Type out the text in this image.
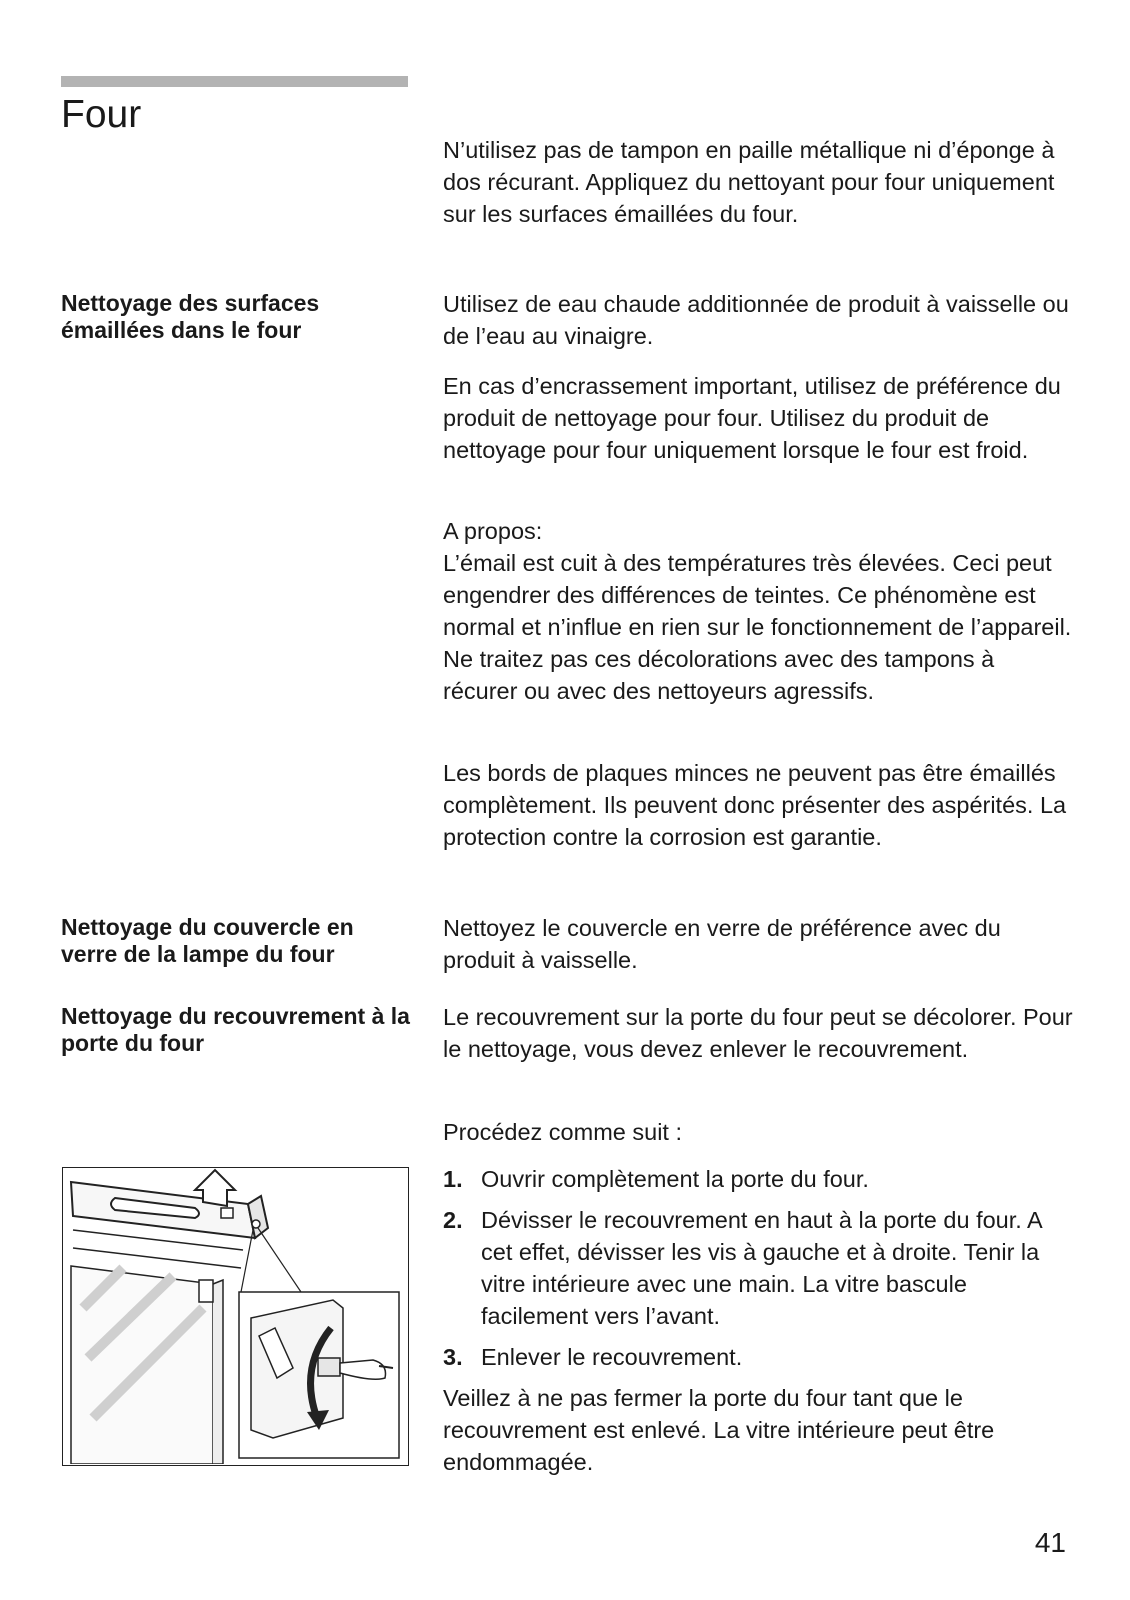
Four

N’utilisez pas de tampon en paille métallique ni d’éponge à dos récurant. Appliquez du nettoyant pour four uniquement sur les surfaces émaillées du four.

Nettoyage des surfaces émaillées dans le four

Utilisez de eau chaude additionnée de produit à vaisselle ou de l’eau au vinaigre.

En cas d’encrassement important, utilisez de préférence du produit de nettoyage pour four. Utilisez du produit de nettoyage pour four uniquement lorsque le four est froid.

A propos:

L’émail est cuit à des températures très élevées. Ceci peut engendrer des différences de teintes. Ce phénomène est normal et n’influe en rien sur le fonctionnement de l’appareil. Ne traitez pas ces décolorations avec des tampons à récurer ou avec des nettoyeurs agressifs.

Les bords de plaques minces ne peuvent pas être émaillés complètement. Ils peuvent donc présenter des aspérités. La protection contre la corrosion est garantie.

Nettoyage du couvercle en verre de la lampe du four

Nettoyez le couvercle en verre de préférence avec du produit à vaisselle.

Nettoyage du recouvrement à la porte du four

Le recouvrement sur la porte du four peut se décolorer. Pour le nettoyage, vous devez enlever le recouvrement.

Procédez comme suit :

1. Ouvrir complètement la porte du four.
2. Dévisser le recouvrement en haut à la porte du four. A cet effet, dévisser les vis à gauche et à droite. Tenir la vitre intérieure avec une main. La vitre bascule facilement vers l’avant.
3. Enlever le recouvrement.

Veillez à ne pas fermer la porte du four tant que le recouvrement est enlevé. La vitre intérieure peut être endommagée.

41
